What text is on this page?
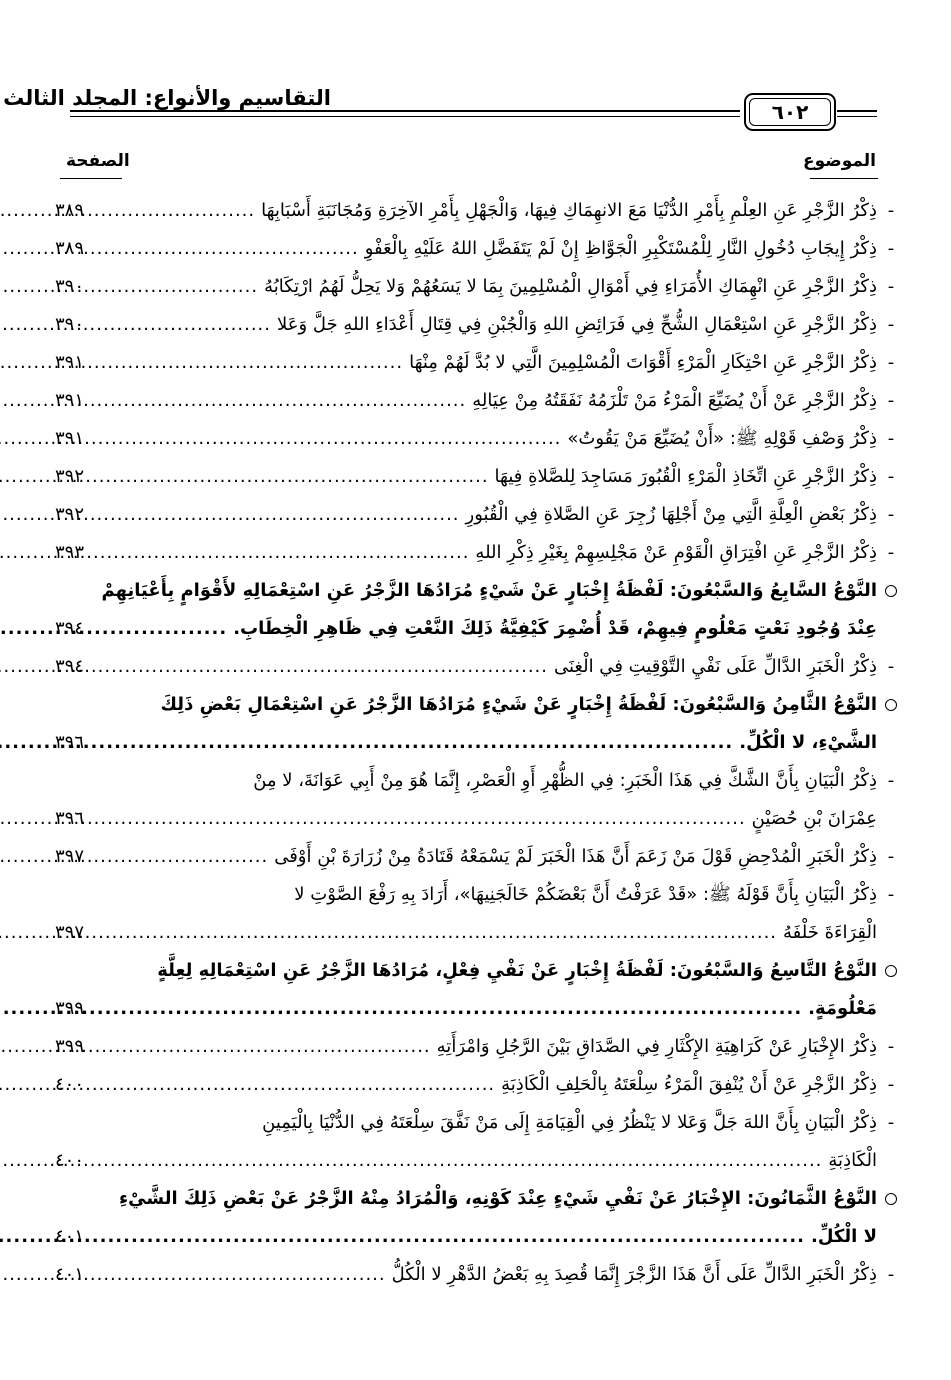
التقاسيم والأنواع: المجلد الثالث
٦٠٢
الموضوع
الصفحة
-
ذِكْرُ الزَّجْرِ عَنِ العِلْمِ بِأَمْرِ الدُّنْيَا مَعَ الانهِمَاكِ فِيهَا، وَالْجَهْلِ بِأَمْرِ الآخِرَةِ وَمُجَانَبَةِ أَسْبَابِهَا
.....
٣٨٩
-
ذِكْرُ إِيجَابِ دُخُولِ النَّارِ لِلْمُسْتَكْبِرِ الْجَوَّاظِ إِنْ لَمْ يَتَفَضَّلِ اللهُ عَلَيْهِ بِالْعَفْوِ
.....
٣٨٩
-
ذِكْرُ الزَّجْرِ عَنِ انْهِمَاكِ الأُمَرَاءِ فِي أَمْوَالِ الْمُسْلِمِينَ بِمَا لا يَسَعُهُمْ وَلا يَحِلُّ لَهُمُ ارْتِكَابُهُ
.....
٣٩٠
-
ذِكْرُ الزَّجْرِ عَنِ اسْتِعْمَالِ الشُّحِّ فِي فَرَائِضِ اللهِ وَالْجُبْنِ فِي قِتَالِ أَعْدَاءِ اللهِ جَلَّ وَعَلا
.....
٣٩٠
-
ذِكْرُ الزَّجْرِ عَنِ احْتِكَارِ الْمَرْءِ أَقْوَاتَ الْمُسْلِمِينَ الَّتِي لا بُدَّ لَهُمْ مِنْهَا
.....
٣٩١
-
ذِكْرُ الزَّجْرِ عَنْ أَنْ يُضَيِّعَ الْمَرْءُ مَنْ تَلْزَمُهُ نَفَقَتُهُ مِنْ عِيَالِهِ
.....
٣٩١
-
ذِكْرُ وَصْفِ قَوْلِهِ ﷺ: «أَنْ يُضَيِّعَ مَنْ يَقُوتُ»
.....
٣٩١
-
ذِكْرُ الزَّجْرِ عَنِ اتِّخَاذِ الْمَرْءِ الْقُبُورَ مَسَاجِدَ لِلصَّلاةِ فِيهَا
.....
٣٩٢
-
ذِكْرُ بَعْضِ الْعِلَّةِ الَّتِي مِنْ أَجْلِهَا زُجِرَ عَنِ الصَّلاةِ فِي الْقُبُورِ
.....
٣٩٢
-
ذِكْرُ الزَّجْرِ عَنِ افْتِرَاقِ الْقَوْمِ عَنْ مَجْلِسِهِمْ بِغَيْرِ ذِكْرِ اللهِ
.....
٣٩٣
النَّوْعُ السَّابِعُ وَالسَّبْعُونَ: لَفْظَةُ إِخْبَارٍ عَنْ شَيْءٍ مُرَادُهَا الزَّجْرُ عَنِ اسْتِعْمَالِهِ لأَقْوَامٍ بِأَعْيَانِهِمْ
عِنْدَ وُجُودِ نَعْتٍ مَعْلُومٍ فِيهِمْ، قَدْ أُضْمِرَ كَيْفِيَّةُ ذَلِكَ النَّعْتِ فِي ظَاهِرِ الْخِطَابِ.
.....
٣٩٤
-
ذِكْرُ الْخَبَرِ الدَّالِّ عَلَى نَفْيِ التَّوْقِيتِ فِي الْغِنَى
.....
٣٩٤
النَّوْعُ الثَّامِنُ وَالسَّبْعُونَ: لَفْظَةُ إِخْبَارٍ عَنْ شَيْءٍ مُرَادُهَا الزَّجْرُ عَنِ اسْتِعْمَالِ بَعْضِ ذَلِكَ
الشَّيْءِ، لا الْكُلِّ.
.....
٣٩٦
-
ذِكْرُ الْبَيَانِ بِأَنَّ الشَّكَّ فِي هَذَا الْخَبَرِ: فِي الظُّهْرِ أَوِ الْعَصْرِ، إِنَّمَا هُوَ مِنْ أَبِي عَوَانَةَ، لا مِنْ
عِمْرَانَ بْنِ حُصَيْنٍ
.....
٣٩٦
-
ذِكْرُ الْخَبَرِ الْمُدْحِضِ قَوْلَ مَنْ زَعَمَ أَنَّ هَذَا الْخَبَرَ لَمْ يَسْمَعْهُ قَتَادَةُ مِنْ زُرَارَةَ بْنِ أَوْفَى
.....
٣٩٧
-
ذِكْرُ الْبَيَانِ بِأَنَّ قَوْلَهُ ﷺ: «قَدْ عَرَفْتُ أَنَّ بَعْضَكُمْ خَالَجَنِيهَا»، أَرَادَ بِهِ رَفْعَ الصَّوْتِ لا
الْقِرَاءَةَ خَلْفَهُ
.....
٣٩٧
النَّوْعُ التَّاسِعُ وَالسَّبْعُونَ: لَفْظَةُ إِخْبَارٍ عَنْ نَفْيِ فِعْلٍ، مُرَادُهَا الزَّجْرُ عَنِ اسْتِعْمَالِهِ لِعِلَّةٍ
مَعْلُومَةٍ.
.....
٣٩٩
-
ذِكْرُ الإِخْبَارِ عَنْ كَرَاهِيَةِ الإِكْثَارِ فِي الصَّدَاقِ بَيْنَ الرَّجُلِ وَامْرَأَتِهِ
.....
٣٩٩
-
ذِكْرُ الزَّجْرِ عَنْ أَنْ يُنْفِقَ الْمَرْءُ سِلْعَتَهُ بِالْحَلِفِ الْكَاذِبَةِ
.....
٤٠٠
-
ذِكْرُ الْبَيَانِ بِأَنَّ اللهَ جَلَّ وَعَلا لا يَنْظُرُ فِي الْقِيَامَةِ إِلَى مَنْ نَفَّقَ سِلْعَتَهُ فِي الدُّنْيَا بِالْيَمِينِ
الْكَاذِبَةِ
.....
٤٠٠
النَّوْعُ الثَّمَانُونَ: الإِخْبَارُ عَنْ نَفْيِ شَيْءٍ عِنْدَ كَوْنِهِ، وَالْمُرَادُ مِنْهُ الزَّجْرُ عَنْ بَعْضِ ذَلِكَ الشَّيْءِ
لا الْكُلِّ.
.....
٤٠١
-
ذِكْرُ الْخَبَرِ الدَّالِّ عَلَى أَنَّ هَذَا الزَّجْرَ إِنَّمَا قُصِدَ بِهِ بَعْضُ الدَّهْرِ لا الْكُلُّ
.....
٤٠١
